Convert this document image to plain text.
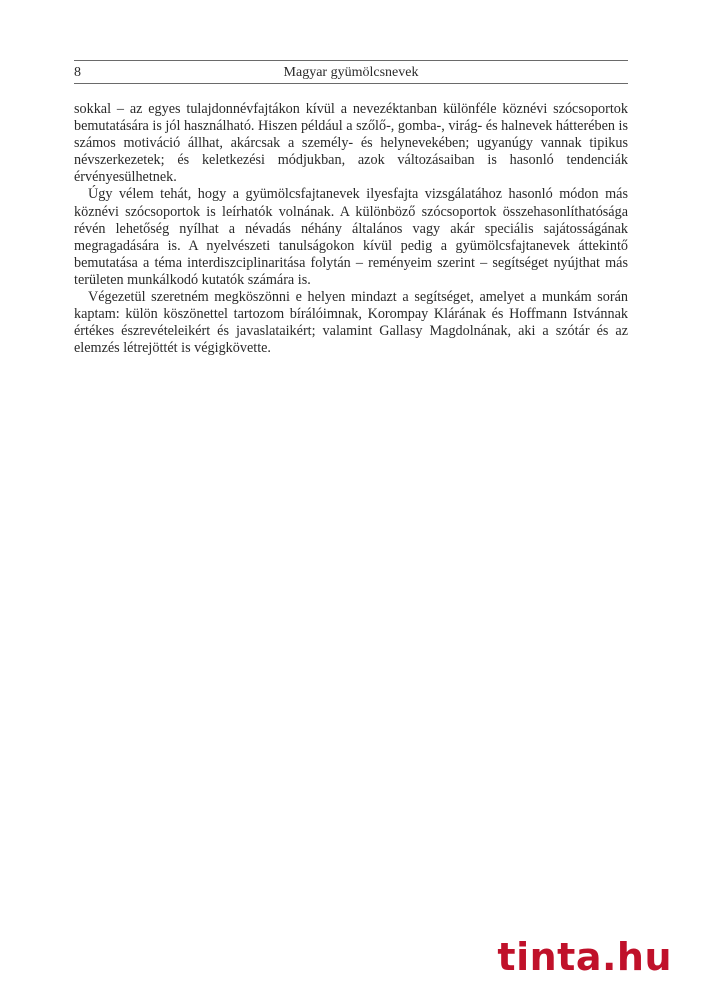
8	Magyar gyümölcsnevek

sokkal – az egyes tulajdonnévfajtákon kívül a nevezéktanban különféle köznévi szócsoportok bemutatására is jól használható. Hiszen például a szőlő-, gomba-, virág- és halnevek hátterében is számos motiváció állhat, akárcsak a személy- és helynevekében; ugyanúgy vannak tipikus névszerkezetek; és keletkezési módjukban, azok változásaiban is hasonló tendenciák érvényesülhetnek.

Úgy vélem tehát, hogy a gyümölcsfajtanevek ilyesfajta vizsgálatához hasonló módon más köznévi szócsoportok is leírhatók volnának. A különböző szócsoportok összehasonlíthatósága révén lehetőség nyílhat a névadás néhány általános vagy akár speciális sajátosságának megragadására is. A nyelvészeti tanulságokon kívül pedig a gyümölcsfajtanevek áttekintő bemutatása a téma interdiszciplinaritása folytán – reményeim szerint – segítséget nyújthat más területen munkálkodó kutatók számára is.

Végezetül szeretném megköszönni e helyen mindazt a segítséget, amelyet a munkám során kaptam: külön köszönettel tartozom bírálóimnak, Korompay Klárának és Hoffmann Istvánnak értékes észrevételeikért és javaslataikért; valamint Gallasy Magdolnának, aki a szótár és az elemzés létrejöttét is végigkövette.

tinta.hu
